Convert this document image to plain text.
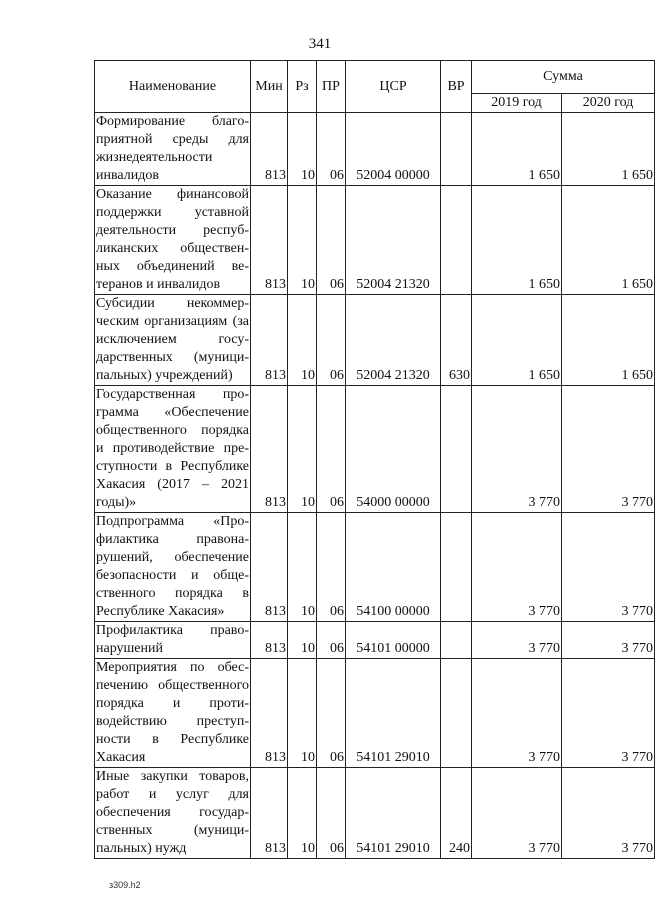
341
Наименование	Мин	Рз	ПР	ЦСР	ВР	Сумма	
						2019 год	2020 год
Формирование благоприятной среды для жизнедеятельности инвалидов	813	10	06	52004 00000		1 650	1 650
Оказание финансовой поддержки уставной деятельности республиканских общественных объединений ветеранов и инвалидов	813	10	06	52004 21320		1 650	1 650
Субсидии некоммерческим организациям (за исключением государственных (муниципальных) учреждений)	813	10	06	52004 21320	630	1 650	1 650
Государственная программа «Обеспечение общественного порядка и противодействие преступности в Республике Хакасия (2017 – 2021 годы)»	813	10	06	54000 00000		3 770	3 770
Подпрограмма «Профилактика правонарушений, обеспечение безопасности и общественного порядка в Республике Хакасия»	813	10	06	54100 00000		3 770	3 770
Профилактика правонарушений	813	10	06	54101 00000		3 770	3 770
Мероприятия по обеспечению общественного порядка и противодействию преступности в Республике Хакасия	813	10	06	54101 29010		3 770	3 770
Иные закупки товаров, работ и услуг для обеспечения госудаpственных (муниципальных) нужд	813	10	06	54101 29010	240	3 770	3 770
з309.h2
